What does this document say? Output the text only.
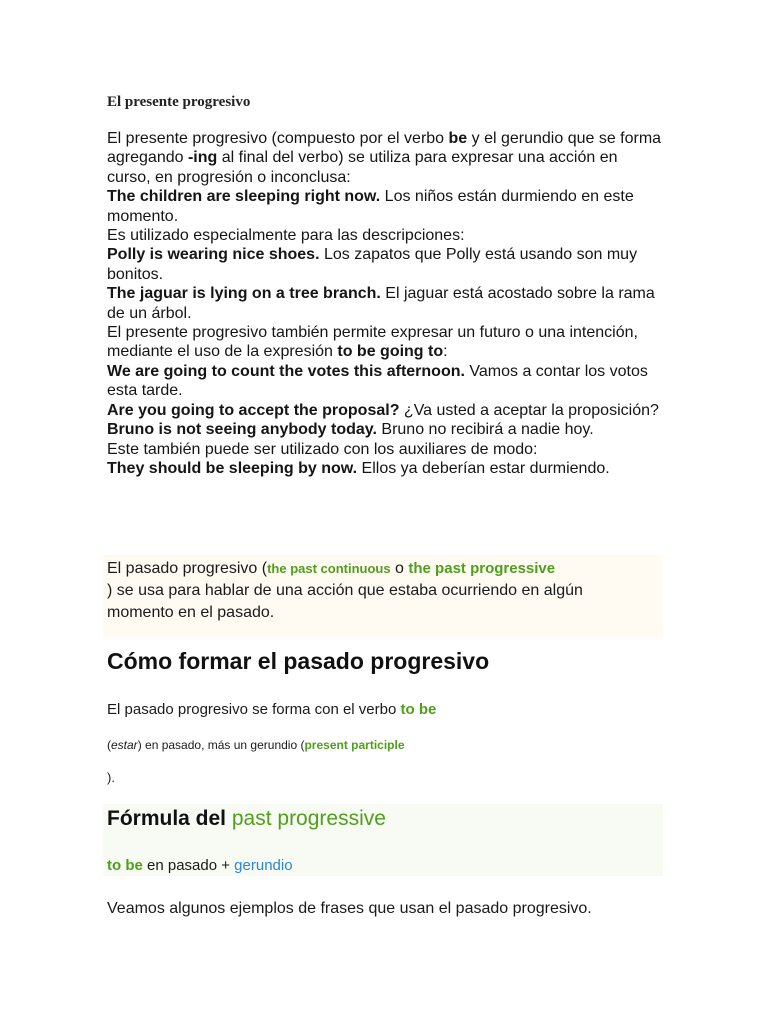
El presente progresivo
El presente progresivo (compuesto por el verbo be y el gerundio que se forma agregando -ing al final del verbo) se utiliza para expresar una acción en curso, en progresión o inconclusa:
The children are sleeping right now. Los niños están durmiendo en este momento.
Es utilizado especialmente para las descripciones:
Polly is wearing nice shoes. Los zapatos que Polly está usando son muy bonitos.
The jaguar is lying on a tree branch. El jaguar está acostado sobre la rama de un árbol.
El presente progresivo también permite expresar un futuro o una intención, mediante el uso de la expresión to be going to:
We are going to count the votes this afternoon. Vamos a contar los votos esta tarde.
Are you going to accept the proposal? ¿Va usted a aceptar la proposición?
Bruno is not seeing anybody today. Bruno no recibirá a nadie hoy.
Este también puede ser utilizado con los auxiliares de modo:
They should be sleeping by now. Ellos ya deberían estar durmiendo.
El pasado progresivo (the past continuous o the past progressive
) se usa para hablar de una acción que estaba ocurriendo en algún momento en el pasado.
Cómo formar el pasado progresivo
El pasado progresivo se forma con el verbo to be
(estar) en pasado, más un gerundio (present participle
).
Fórmula del past progressive
to be en pasado + gerundio
Veamos algunos ejemplos de frases que usan el pasado progresivo.
